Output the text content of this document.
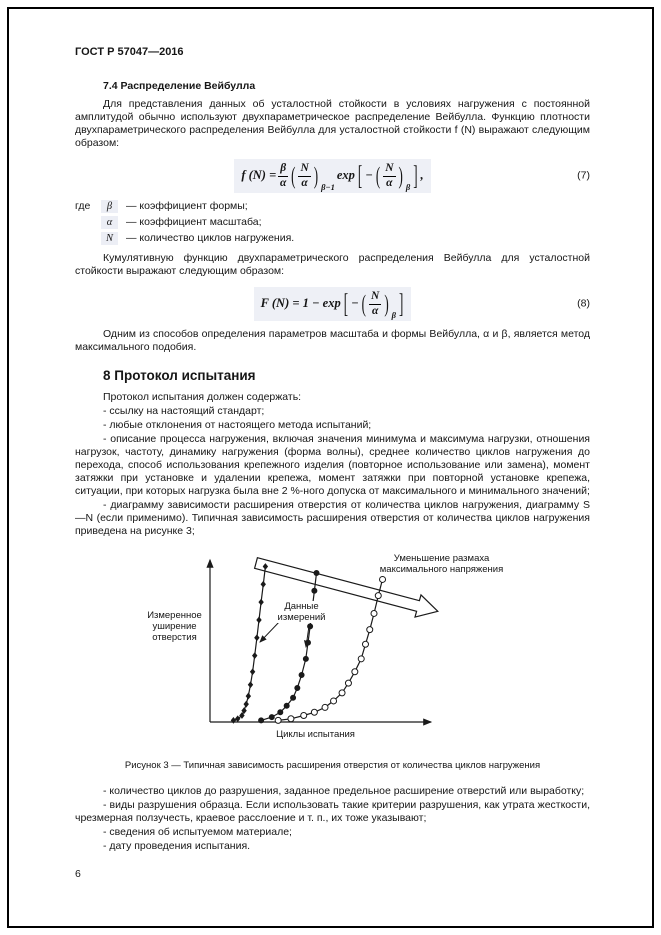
ГОСТ Р 57047—2016
7.4 Распределение Вейбулла

Для представления данных об усталостной стойкости в условиях нагружения с постоянной амплитудой обычно используют двухпараметрическое распределение Вейбулла. Функцию плотности двухпараметрического распределения Вейбулла для усталостной стойкости f (N) выражают следующим образом:

f $(N) = \frac{\beta}{\alpha}$ ( $\frac{N}{\alpha}$ ) β−1
exp [ − ( $\frac{N}{\alpha}$ ) β ] ,	(7)
где	β	— коэффициент формы;
α	— коэффициент масштаба;
N	— количество циклов нагружения.

Кумулятивную функцию двухпараметрического распределения Вейбулла для усталостной стойкости выражают следующим образом:

F (N) = 1 − exp [ − ( $\frac{N}{\alpha}$ ) β ]	(8)

Одним из способов определения параметров масштаба и формы Вейбулла, α и β, является метод максимального подобия.

8 Протокол испытания

Протокол испытания должен содержать:

- ссылку на настоящий стандарт;

- любые отклонения от настоящего метода испытаний;

- описание процесса нагружения, включая значения минимума и максимума нагрузки, отношения нагрузок, частоту, динамику нагружения (форма волны), среднее количество циклов нагружения до перехода, способ использования крепежного изделия (повторное использование или замена), момент затяжки при установке и удалении крепежа, момент затяжки при повторной установке крепежа, ситуации, при которых нагрузка была вне 2 %-ного допуска от максимального и минимального значений;

- диаграмму зависимости расширения отверстия от количества циклов нагружения, диаграмму S—N (если применимо). Типичная зависимость расширения отверстия от количества циклов нагружения приведена на рисунке 3;

Измеренное уширение отверстия
Циклы испытания
Данные измерений
Уменьшение размаха максимального напряжения
Рисунок 3 — Типичная зависимость расширения отверстия от количества циклов нагружения

- количество циклов до разрушения, заданное предельное расширение отверстий или выработку;

- виды разрушения образца. Если использовать такие критерии разрушения, как утрата жесткости, чрезмерная ползучесть, краевое расслоение и т. п., их тоже указывают;

- сведения об испытуемом материале;

- дату проведения испытания.

6
